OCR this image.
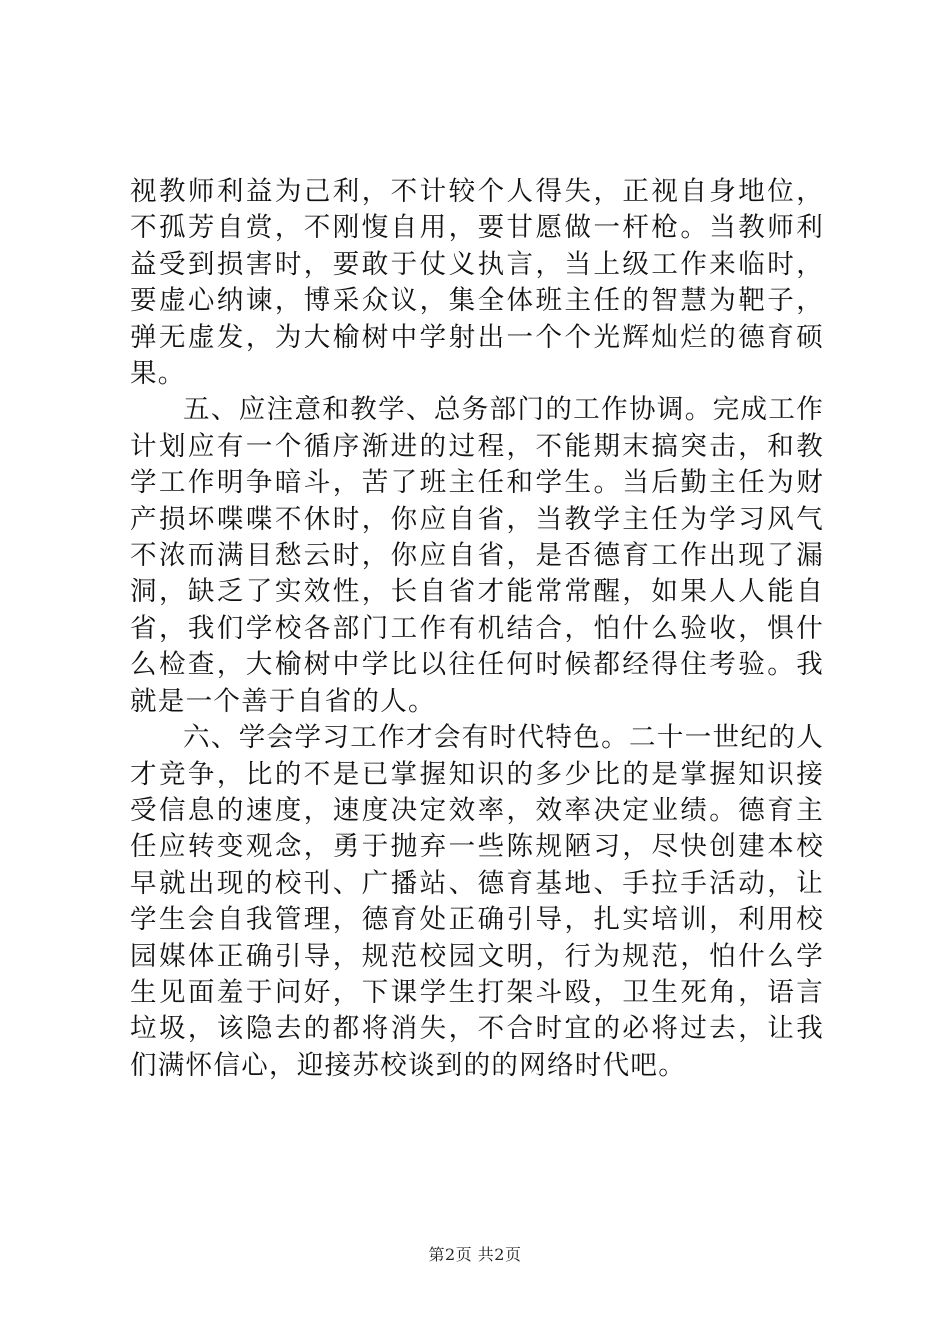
视教师利益为己利，不计较个人得失，正视自身地位，不孤芳自赏，不刚愎自用，要甘愿做一杆枪。当教师利益受到损害时，要敢于仗义执言，当上级工作来临时，要虚心纳谏，博采众议，集全体班主任的智慧为靶子，弹无虚发，为大榆树中学射出一个个光辉灿烂的德育硕果。

五、应注意和教学、总务部门的工作协调。完成工作计划应有一个循序渐进的过程，不能期末搞突击，和教学工作明争暗斗，苦了班主任和学生。当后勤主任为财产损坏喋喋不休时，你应自省，当教学主任为学习风气不浓而满目愁云时，你应自省，是否德育工作出现了漏洞，缺乏了实效性，长自省才能常常醒，如果人人能自省，我们学校各部门工作有机结合，怕什么验收，惧什么检查，大榆树中学比以往任何时候都经得住考验。我就是一个善于自省的人。

六、学会学习工作才会有时代特色。二十一世纪的人才竞争，比的不是已掌握知识的多少比的是掌握知识接受信息的速度，速度决定效率，效率决定业绩。德育主任应转变观念，勇于抛弃一些陈规陋习，尽快创建本校早就出现的校刊、广播站、德育基地、手拉手活动，让学生会自我管理，德育处正确引导，扎实培训，利用校园媒体正确引导，规范校园文明，行为规范，怕什么学生见面羞于问好，下课学生打架斗殴，卫生死角，语言垃圾，该隐去的都将消失，不合时宜的必将过去，让我们满怀信心，迎接苏校谈到的的网络时代吧。

第2页 共2页
